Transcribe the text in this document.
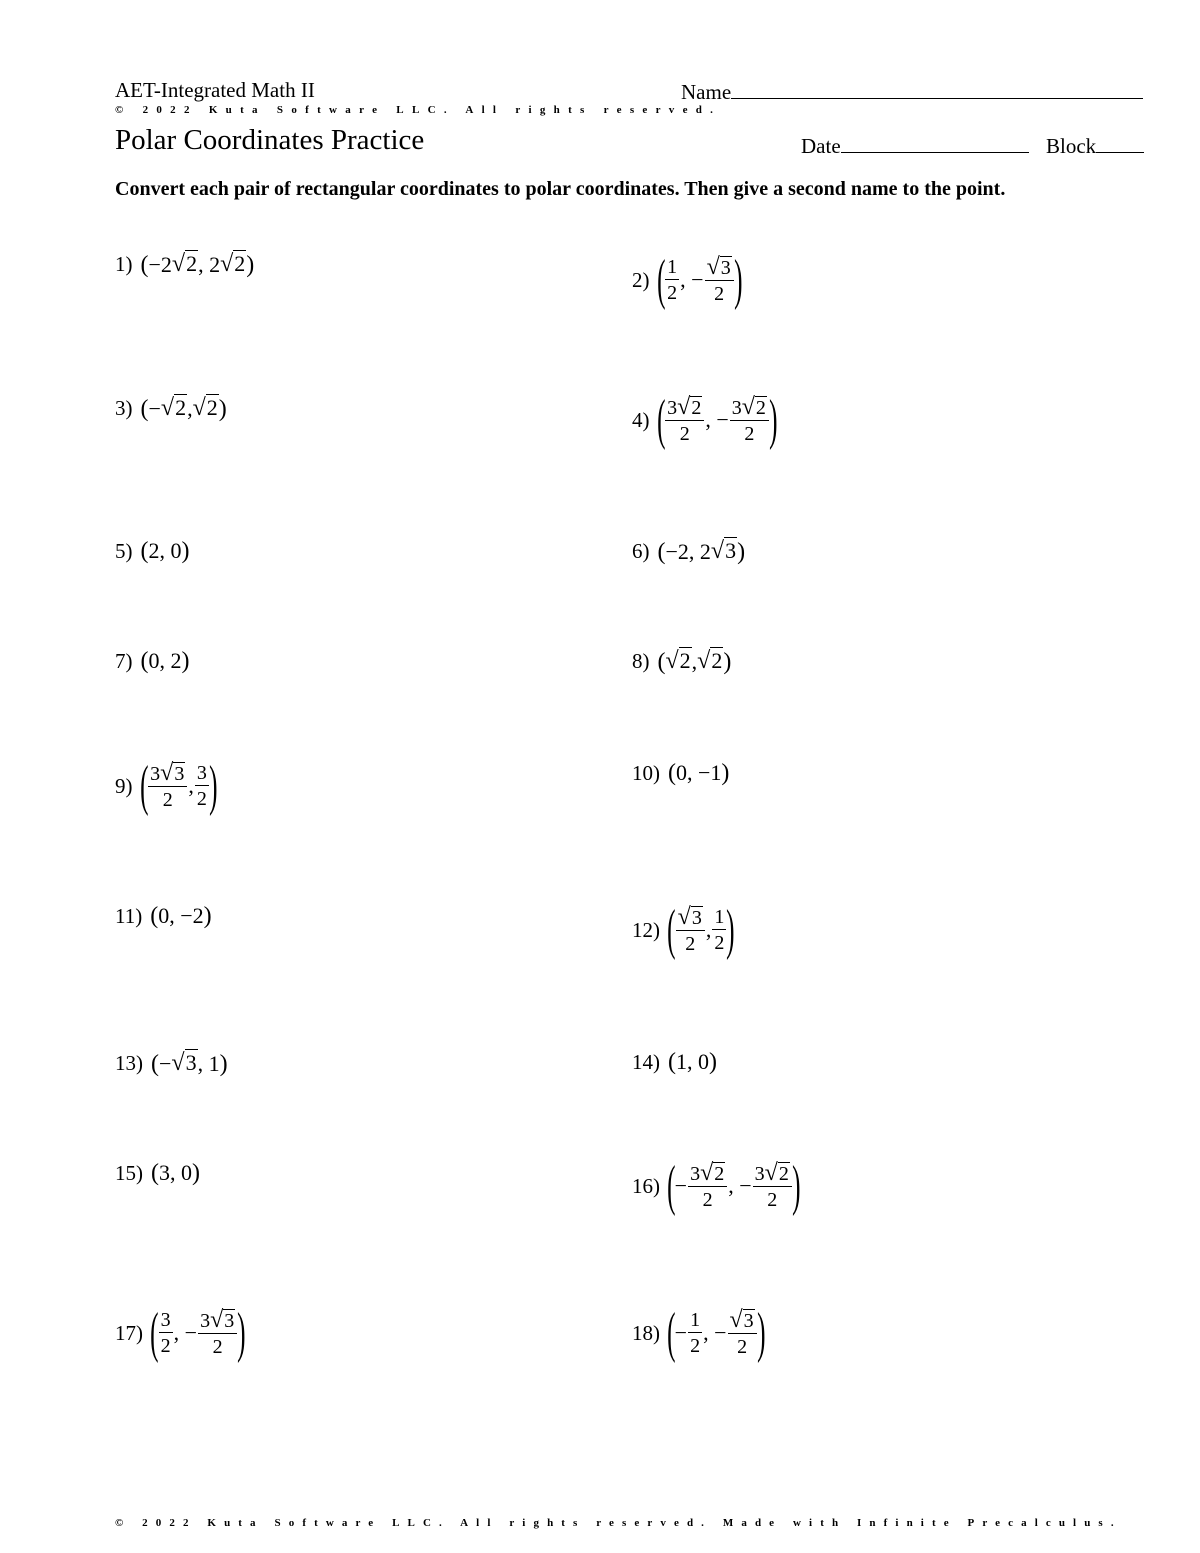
AET-Integrated Math II	Name
© 2022 Kuta Software LLC. All rights reserved.
Polar Coordinates Practice	Date	Block
Convert each pair of rectangular coordinates to polar coordinates. Then give a second name to the point.
1) ( −2 √2 , 2 √2 )
2) ( $\frac{1}{2}$ , − $\frac{√3}{2}$ )
3) ( − √2 , √2 )	4) ( $\frac{3√2}{2}$ , − $\frac{3√2}{2}$ )
5) ( 2, 0 )	6) ( −2, 2 √3 )
7) ( 0, 2 )	8) ( √2 , √2 )
9) ( $\frac{3√3}{2}$ , $\frac{3}{2}$ )	10) ( 0, −1 )
11) ( 0, −2 )
12) ( $\frac{√3}{2}$ , $\frac{1}{2}$ )
13) ( − √3 , 1 )	14) ( 1, 0 )
15) ( 3, 0 )	16) ( − $\frac{3√2}{2}$ , − $\frac{3√2}{2}$ )
17) ( $\frac{3}{2}$ , − $\frac{3√3}{2}$ )	18) ( − $\frac{1}{2}$ , − $\frac{√3}{2}$ )
© 2022 Kuta Software LLC. All rights reserved. Made with Infinite Precalculus.
